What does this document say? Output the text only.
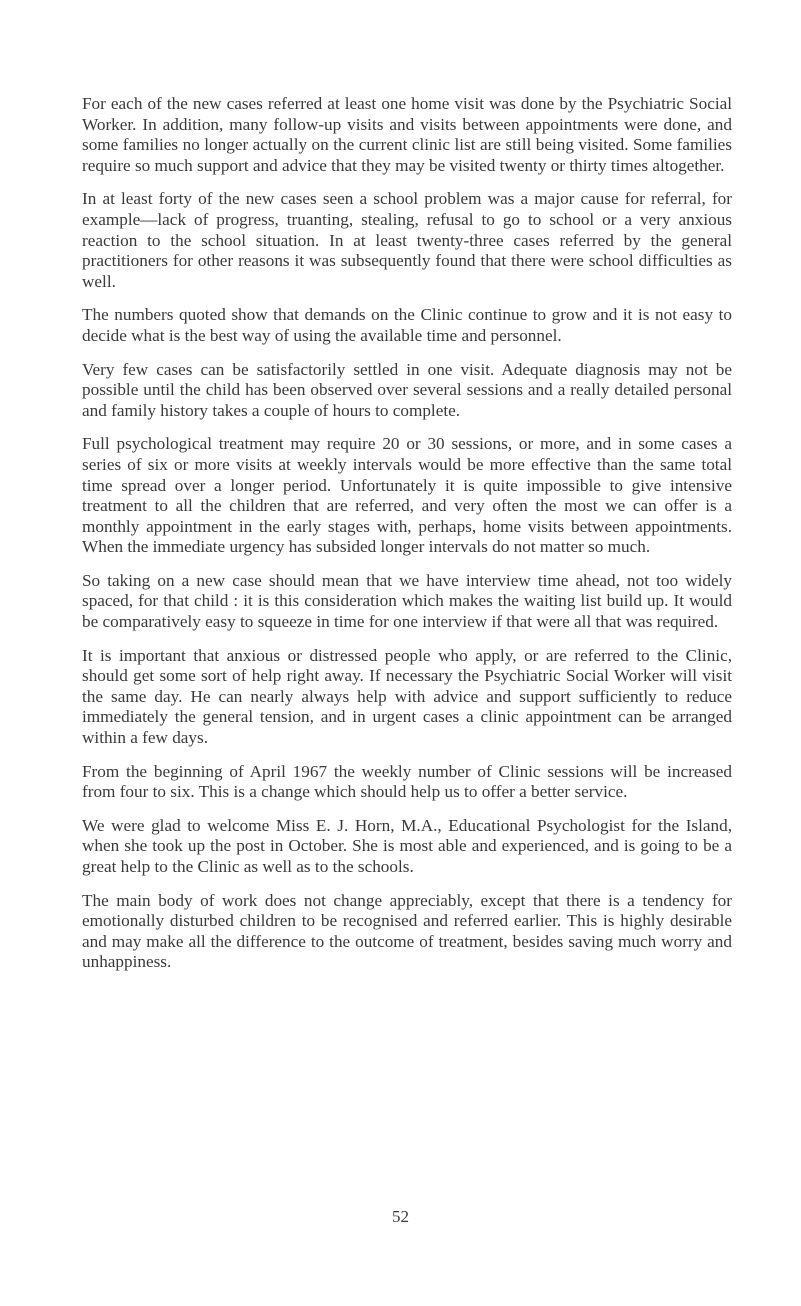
For each of the new cases referred at least one home visit was done by the Psychiatric Social Worker. In addition, many follow-up visits and visits between appointments were done, and some families no longer actually on the current clinic list are still being visited. Some families require so much support and advice that they may be visited twenty or thirty times altogether.

In at least forty of the new cases seen a school problem was a major cause for referral, for example—lack of progress, truanting, stealing, refusal to go to school or a very anxious reaction to the school situation. In at least twenty-three cases referred by the general practitioners for other reasons it was subsequently found that there were school difficulties as well.

The numbers quoted show that demands on the Clinic continue to grow and it is not easy to decide what is the best way of using the available time and personnel.

Very few cases can be satisfactorily settled in one visit. Adequate diagnosis may not be possible until the child has been observed over several sessions and a really detailed personal and family history takes a couple of hours to complete.

Full psychological treatment may require 20 or 30 sessions, or more, and in some cases a series of six or more visits at weekly intervals would be more effective than the same total time spread over a longer period. Unfortunately it is quite impossible to give intensive treatment to all the children that are referred, and very often the most we can offer is a monthly appointment in the early stages with, perhaps, home visits between appointments. When the immediate urgency has subsided longer intervals do not matter so much.

So taking on a new case should mean that we have interview time ahead, not too widely spaced, for that child : it is this consideration which makes the waiting list build up. It would be comparatively easy to squeeze in time for one interview if that were all that was required.

It is important that anxious or distressed people who apply, or are referred to the Clinic, should get some sort of help right away. If necessary the Psychiatric Social Worker will visit the same day. He can nearly always help with advice and support sufficiently to reduce immediately the general tension, and in urgent cases a clinic appointment can be arranged within a few days.

From the beginning of April 1967 the weekly number of Clinic sessions will be increased from four to six. This is a change which should help us to offer a better service.

We were glad to welcome Miss E. J. Horn, M.A., Educational Psychologist for the Island, when she took up the post in October. She is most able and experienced, and is going to be a great help to the Clinic as well as to the schools.

The main body of work does not change appreciably, except that there is a tendency for emotionally disturbed children to be recognised and referred earlier. This is highly desirable and may make all the difference to the outcome of treatment, besides saving much worry and unhappiness.

52
